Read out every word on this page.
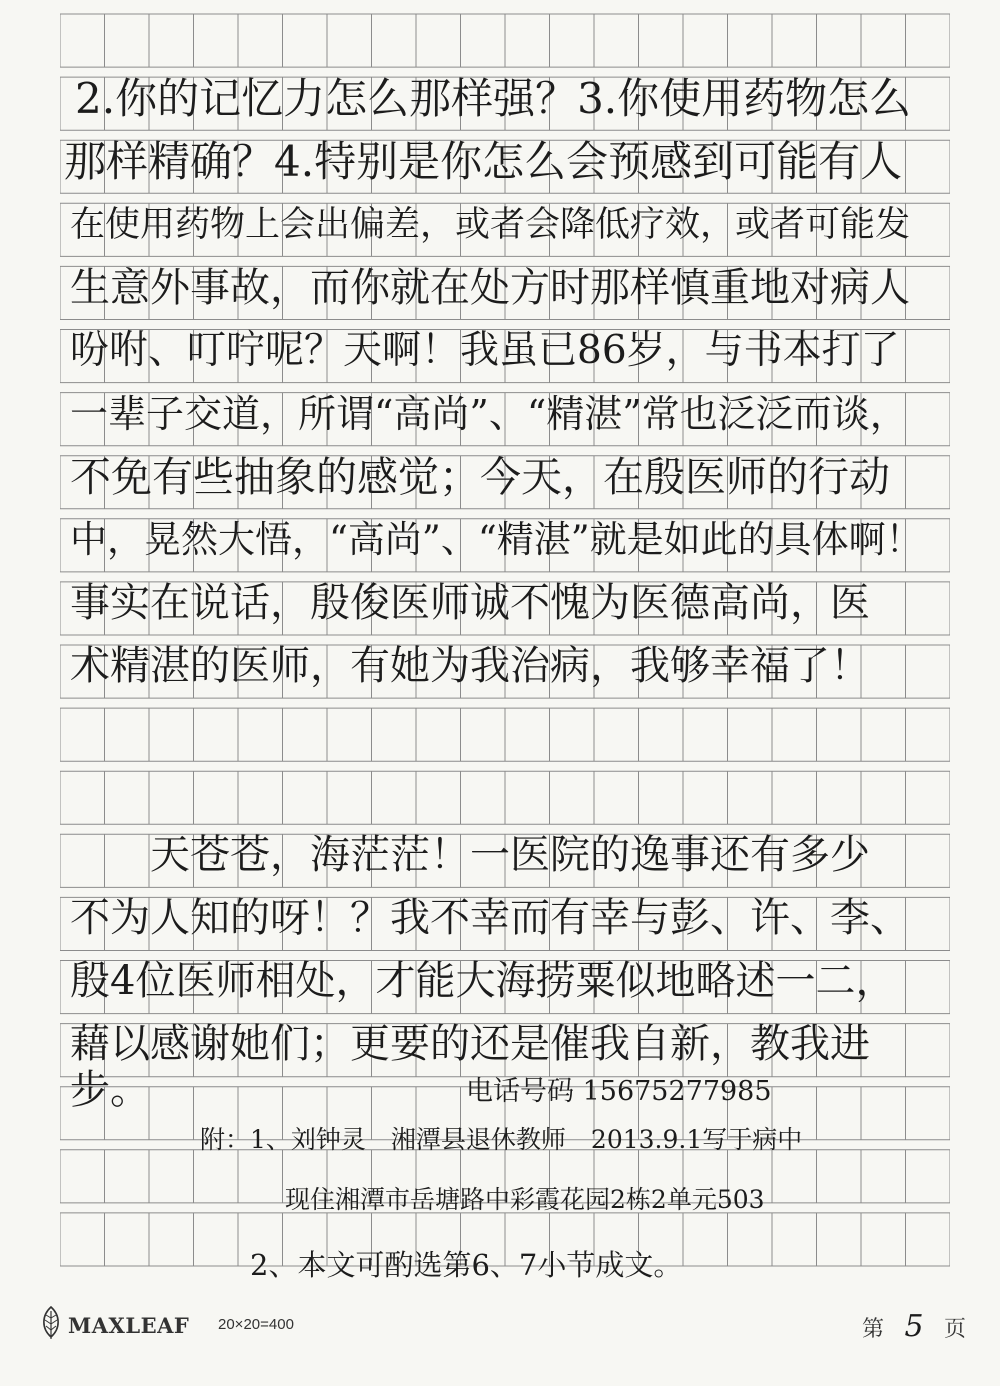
2.你的记忆力怎么那样强？3.你使用药物怎么
那样精确？4.特别是你怎么会预感到可能有人
在使用药物上会出偏差，或者会降低疗效，或者可能发
生意外事故，而你就在处方时那样慎重地对病人
吩咐、叮咛呢？天啊！我虽已86岁，与书本打了
一辈子交道，所谓“高尚”、“精湛”常也泛泛而谈，
不免有些抽象的感觉；今天，在殷医师的行动
中，晃然大悟，“高尚”、“精湛”就是如此的具体啊！
事实在说话，殷俊医师诚不愧为医德高尚，医
术精湛的医师，有她为我治病，我够幸福了！
　　天苍苍，海茫茫！一医院的逸事还有多少
不为人知的呀！？我不幸而有幸与彭、许、李、
殷4位医师相处，才能大海捞粟似地略述一二，
藉以感谢她们；更要的还是催我自新，教我进
步。	电话号码 15675277985
附：1、刘钟灵　湘潭县退休教师　2013.9.1写于病中
现住湘潭市岳塘路中彩霞花园2栋2单元503
2、本文可酌选第6、7小节成文。
MAXLEAF 20×20=400	第 5 页
